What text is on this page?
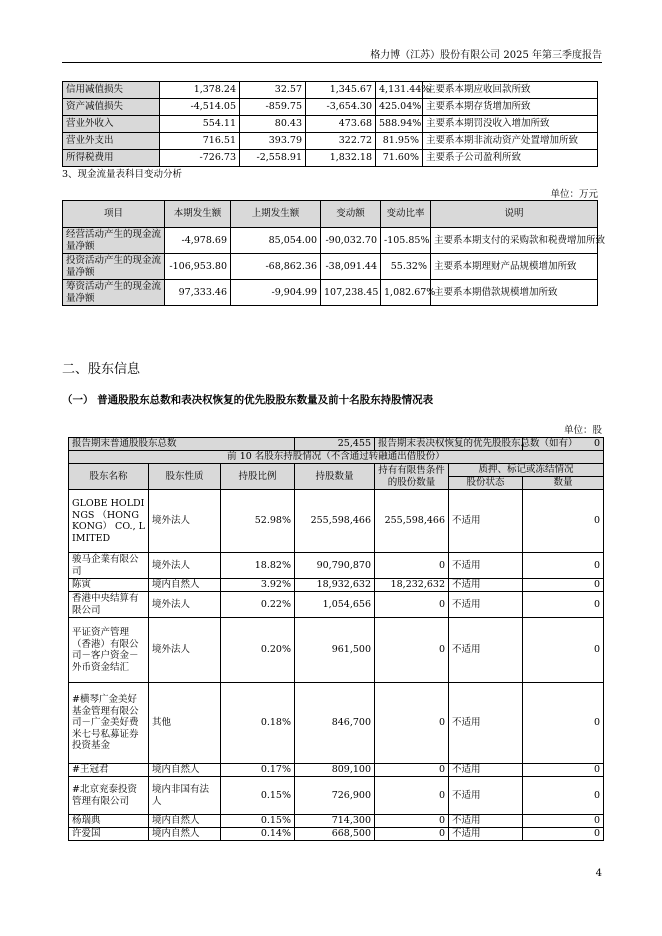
格力博（江苏）股份有限公司 2025 年第三季度报告
信用减值损失	1,378.24	32.57	1,345.67	4,131.44%	主要系本期应收回款所致
资产减值损失	-4,514.05	-859.75	-3,654.30	425.04%	主要系本期存货增加所致
营业外收入	554.11	80.43	473.68	588.94%	主要系本期罚没收入增加所致
营业外支出	716.51	393.79	322.72	81.95%	主要系本期非流动资产处置增加所致
所得税费用	-726.73	-2,558.91	1,832.18	71.60%	主要系子公司盈利所致
3、现金流量表科目变动分析
单位：万元
项目	本期发生额	上期发生额	变动额	变动比率	说明
经营活动产生的现金流量净额	-4,978.69	85,054.00	-90,032.70	-105.85%	主要系本期支付的采购款和税费增加所致
投资活动产生的现金流量净额	-106,953.80	-68,862.36	-38,091.44	55.32%	主要系本期理财产品规模增加所致
筹资活动产生的现金流量净额	97,333.46	-9,904.99	107,238.45	1,082.67%	主要系本期借款规模增加所致
二、股东信息
（一） 普通股股东总数和表决权恢复的优先股股东数量及前十名股东持股情况表
单位：股
报告期末普通股股东总数			25,455	报告期末表决权恢复的优先股股东总数（如有）		0
前 10 名股东持股情况（不含通过转融通出借股份）						
股东名称	股东性质	持股比例	持股数量	持有有限售条件的股份数量	质押、标记或冻结情况	
					股份状态	数量
GLOBE HOLDINGS （HONG KONG） CO., LIMITED	境外法人	52.98%	255,598,466	255,598,466	不适用	0
骏马企業有限公司	境外法人	18.82%	90,790,870	0	不适用	0
陈寅	境内自然人	3.92%	18,932,632	18,232,632	不适用	0
香港中央结算有限公司	境外法人	0.22%	1,054,656	0	不适用	0
平证资产管理（香港）有限公司－客户资金－外币资金结汇	境外法人	0.20%	961,500	0	不适用	0
#横琴广金美好基金管理有限公司－广金美好费米七号私募证券投资基金	其他	0.18%	846,700	0	不适用	0
#王冠君	境内自然人	0.17%	809,100	0	不适用	0
#北京兖泰投资管理有限公司	境内非国有法人	0.15%	726,900	0	不适用	0
杨瑞典	境内自然人	0.15%	714,300	0	不适用	0
许爱国	境内自然人	0.14%	668,500	0	不适用	0
4
